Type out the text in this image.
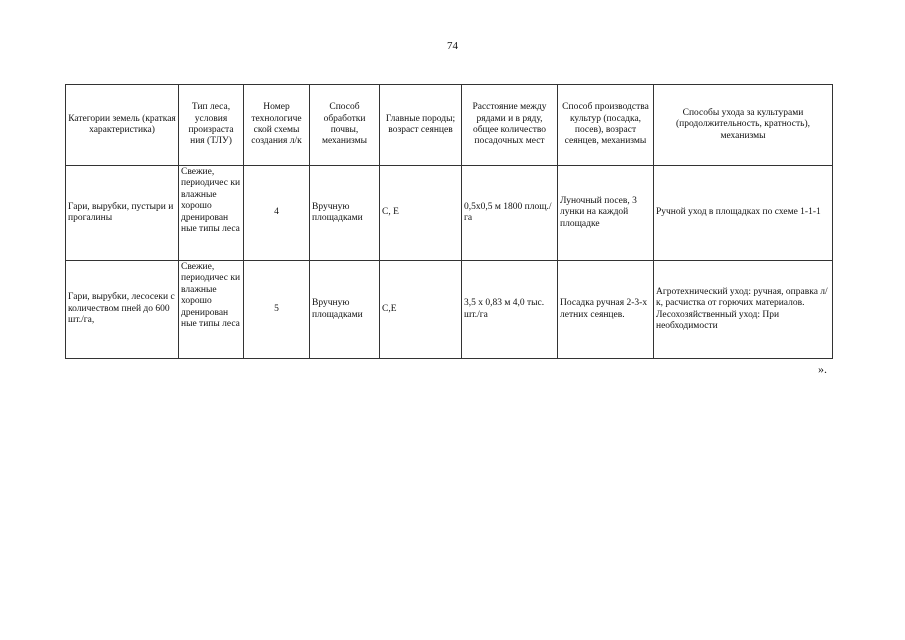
74
Категории земель (краткая характеристика)	Тип леса, условия произраста ния (ТЛУ)	Номер технологиче ской схемы создания л/к	Способ обработки почвы, механизмы	Главные породы; возраст сеянцев	Расстояние между рядами и в ряду, общее количество посадочных мест	Способ производства культур (посадка, посев), возраст сеянцев, механизмы	Способы ухода за культурами (продолжительность, кратность), механизмы
Гари, вырубки, пустыри и прогалины	Свежие, периодичес ки влажные хорошо дренирован ные типы леса	4	Вручную площадками	С, Е	0,5х0,5 м 1800 площ./га	Луночный посев, 3 лунки на каждой площадке	Ручной уход в площадках по схеме 1-1-1
Гари, вырубки, лесосеки с количеством пней до 600 шт./га,	Свежие, периодичес ки влажные хорошо дренирован ные типы леса	5	Вручную площадками	С,Е	3,5 х 0,83 м 4,0 тыс. шт./га	Посадка ручная 2-3-х летних сеянцев.	Агротехнический уход: ручная, оправка л/к, расчистка от горючих материалов. Лесохозяйственный уход: При необходимости
».
